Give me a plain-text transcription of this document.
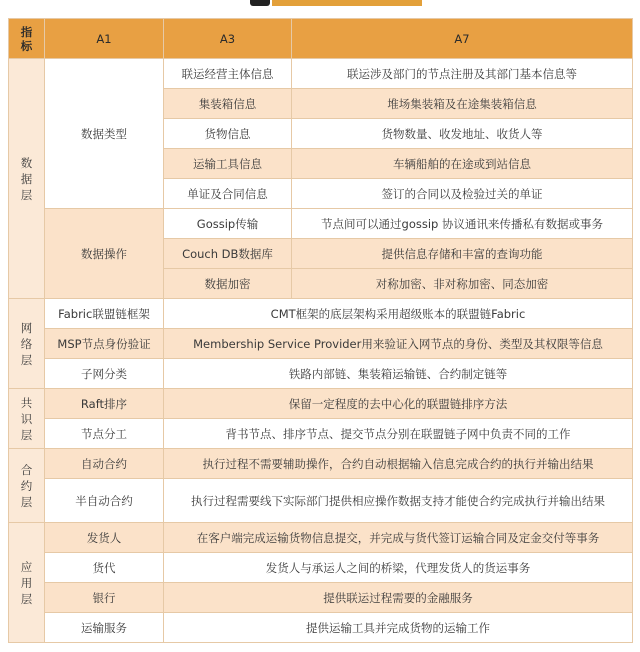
指
标	A1	A3	A7
数
据
层	数据类型	联运经营主体信息	联运涉及部门的节点注册及其部门基本信息等
		集装箱信息	堆场集装箱及在途集装箱信息
		货物信息	货物数量、收发地址、收货人等
		运输工具信息	车辆船舶的在途或到站信息
		单证及合同信息	签订的合同以及检验过关的单证
	数据操作	Gossip传输	节点间可以通过gossip 协议通讯来传播私有数据或事务
		Couch DB数据库	提供信息存储和丰富的查询功能
		数据加密	对称加密、非对称加密、同态加密
网
络
层	Fabric联盟链框架	CMT框架的底层架构采用超级账本的联盟链Fabric	
	MSP节点身份验证	Membership Service Provider用来验证入网节点的身份、类型及其权限等信息	
	子网分类	铁路内部链、集装箱运输链、合约制定链等	
共
识
层	Raft排序	保留一定程度的去中心化的联盟链排序方法	
	节点分工	背书节点、排序节点、提交节点分别在联盟链子网中负责不同的工作	
合
约
层	自动合约	执行过程不需要辅助操作，合约自动根据输入信息完成合约的执行并输出结果	
	半自动合约	执行过程需要线下实际部门提供相应操作数据支持才能使合约完成执行并输出结果	
应
用
层	发货人	在客户端完成运输货物信息提交，并完成与货代签订运输合同及定金交付等事务	
	货代	发货人与承运人之间的桥梁，代理发货人的货运事务	
	银行	提供联运过程需要的金融服务	
	运输服务	提供运输工具并完成货物的运输工作	
